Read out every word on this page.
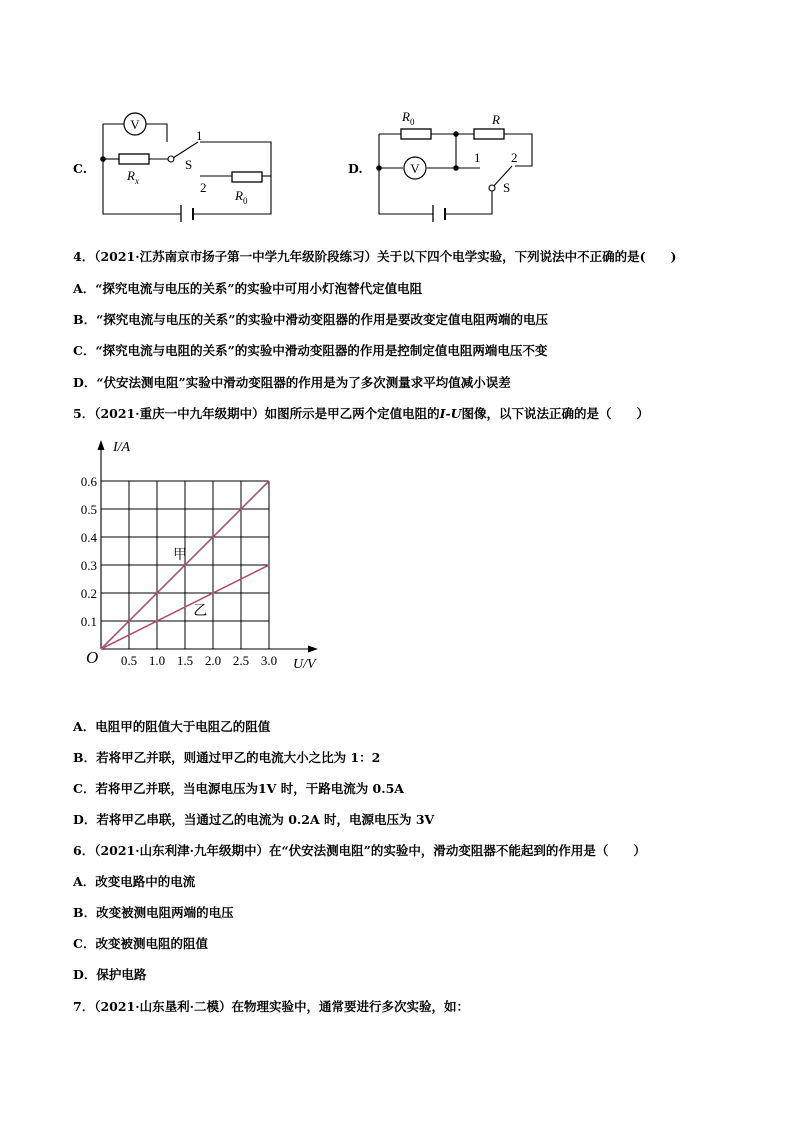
C.
V
1
S
2
$R_x$
$R_0$
D.	V
$R_0$	R
1 2
S
4．（2021·江苏南京市扬子第一中学九年级阶段练习）关于以下四个电学实验，下列说法中不正确的是(　　)
A．“探究电流与电压的关系”的实验中可用小灯泡替代定值电阻
B．“探究电流与电压的关系”的实验中滑动变阻器的作用是要改变定值电阻两端的电压
C．“探究电流与电阻的关系”的实验中滑动变阻器的作用是控制定值电阻两端电压不变
D．“伏安法测电阻”实验中滑动变阻器的作用是为了多次测量求平均值减小误差
5．（2021·重庆一中九年级期中）如图所示是甲乙两个定值电阻的I-U图像，以下说法正确的是（　　）
0.5 1.0 1.5 2.0 2.5 3.0
0.1
0.2
0.3
0.4
0.5
0.6
O	U/V
I/A
甲
乙
A．电阻甲的阻值大于电阻乙的阻值
B．若将甲乙并联，则通过甲乙的电流大小之比为 1：2
C．若将甲乙并联，当电源电压为1V 时，干路电流为 0.5A
D．若将甲乙串联，当通过乙的电流为 0.2A 时，电源电压为 3V
6．（2021·山东利津·九年级期中）在“伏安法测电阻”的实验中，滑动变阻器不能起到的作用是（　　）
A．改变电路中的电流
B．改变被测电阻两端的电压
C．改变被测电阻的阻值
D．保护电路
7．（2021·山东垦利·二模）在物理实验中，通常要进行多次实验，如：
